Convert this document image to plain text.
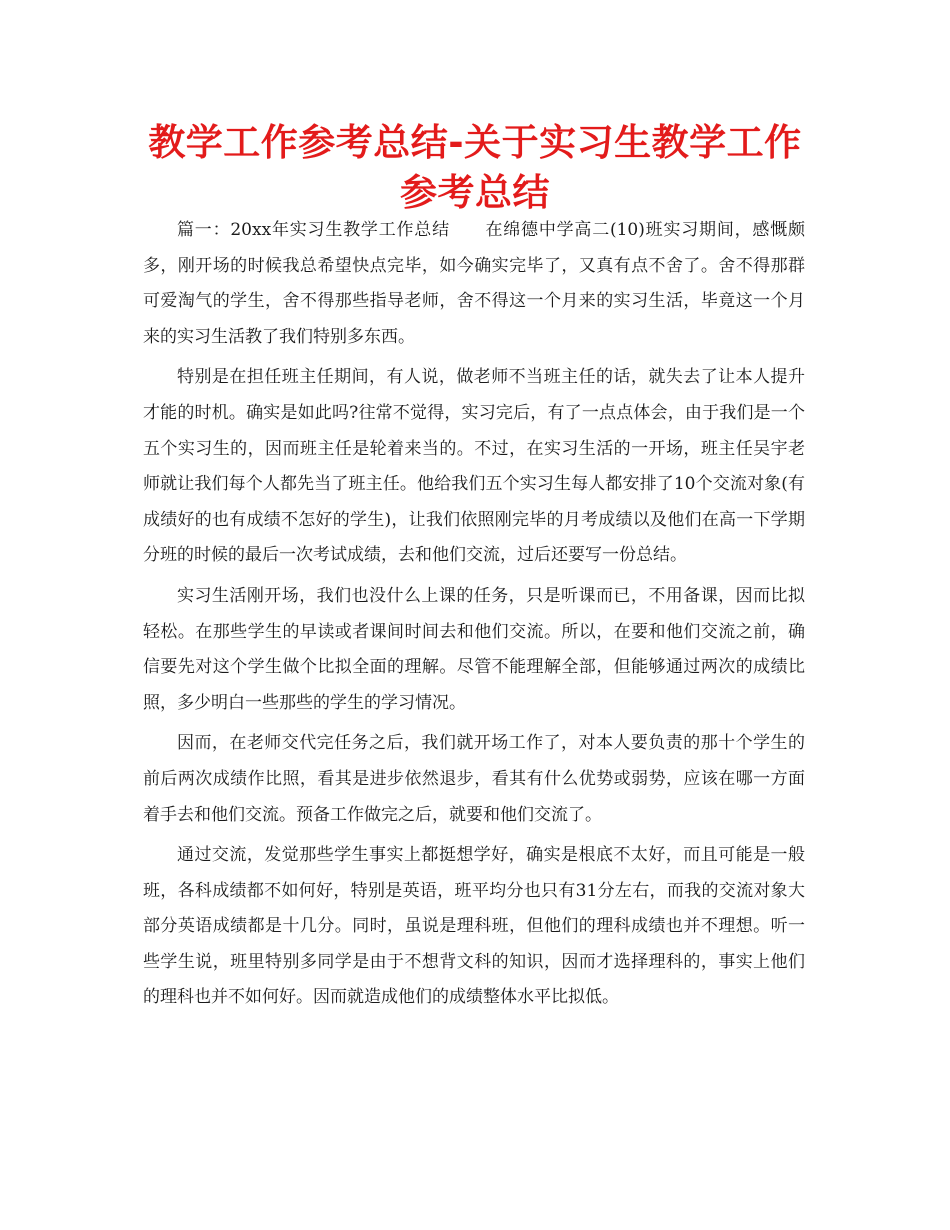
教学工作参考总结-关于实习生教学工作参考总结

篇一：20xx年实习生教学工作总结　　在绵德中学高二(10)班实习期间，感慨颇多，刚开场的时候我总希望快点完毕，如今确实完毕了，又真有点不舍了。舍不得那群可爱淘气的学生，舍不得那些指导老师，舍不得这一个月来的实习生活，毕竟这一个月来的实习生活教了我们特别多东西。

特别是在担任班主任期间，有人说，做老师不当班主任的话，就失去了让本人提升才能的时机。确实是如此吗?往常不觉得，实习完后，有了一点点体会，由于我们是一个五个实习生的，因而班主任是轮着来当的。不过，在实习生活的一开场，班主任吴宇老师就让我们每个人都先当了班主任。他给我们五个实习生每人都安排了10个交流对象(有成绩好的也有成绩不怎好的学生)，让我们依照刚完毕的月考成绩以及他们在高一下学期分班的时候的最后一次考试成绩，去和他们交流，过后还要写一份总结。

实习生活刚开场，我们也没什么上课的任务，只是听课而已，不用备课，因而比拟轻松。在那些学生的早读或者课间时间去和他们交流。所以，在要和他们交流之前，确信要先对这个学生做个比拟全面的理解。尽管不能理解全部，但能够通过两次的成绩比照，多少明白一些那些的学生的学习情况。

因而，在老师交代完任务之后，我们就开场工作了，对本人要负责的那十个学生的前后两次成绩作比照，看其是进步依然退步，看其有什么优势或弱势，应该在哪一方面着手去和他们交流。预备工作做完之后，就要和他们交流了。

通过交流，发觉那些学生事实上都挺想学好，确实是根底不太好，而且可能是一般班，各科成绩都不如何好，特别是英语，班平均分也只有31分左右，而我的交流对象大部分英语成绩都是十几分。同时，虽说是理科班，但他们的理科成绩也并不理想。听一些学生说，班里特别多同学是由于不想背文科的知识，因而才选择理科的，事实上他们的理科也并不如何好。因而就造成他们的成绩整体水平比拟低。
